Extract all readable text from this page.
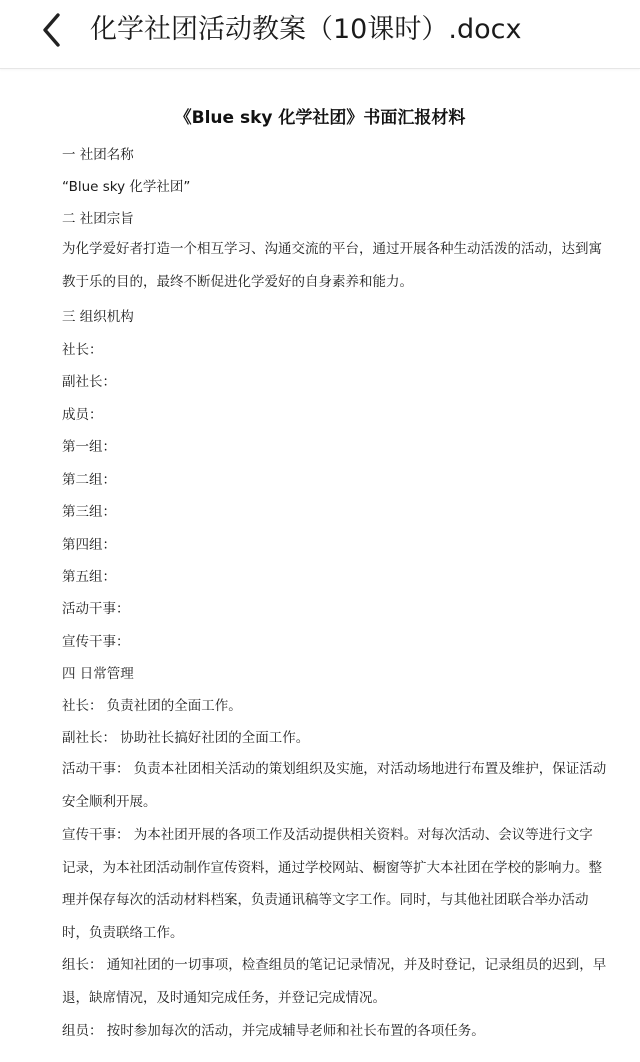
化学社团活动教案（10课时）.docx
《Blue sky 化学社团》书面汇报材料
一 社团名称
“Blue sky 化学社团”
二 社团宗旨
为化学爱好者打造一个相互学习、沟通交流的平台，通过开展各种生动活泼的活动，达到寓教于乐的目的，最终不断促进化学爱好的自身素养和能力。
三 组织机构
社长：
副社长：
成员：
第一组：
第二组：
第三组：
第四组：
第五组：
活动干事：
宣传干事：
四 日常管理
社长： 负责社团的全面工作。
副社长： 协助社长搞好社团的全面工作。
活动干事： 负责本社团相关活动的策划组织及实施，对活动场地进行布置及维护，保证活动安全顺利开展。
宣传干事： 为本社团开展的各项工作及活动提供相关资料。对每次活动、会议等进行文字 记录，为本社团活动制作宣传资料，通过学校网站、橱窗等扩大本社团在学校的影响力。整理并保存每次的活动材料档案，负责通讯稿等文字工作。同时，与其他社团联合举办活动时，负责联络工作。
组长： 通知社团的一切事项，检查组员的笔记记录情况，并及时登记，记录组员的迟到，早退，缺席情况，及时通知完成任务，并登记完成情况。
组员： 按时参加每次的活动，并完成辅导老师和社长布置的各项任务。
